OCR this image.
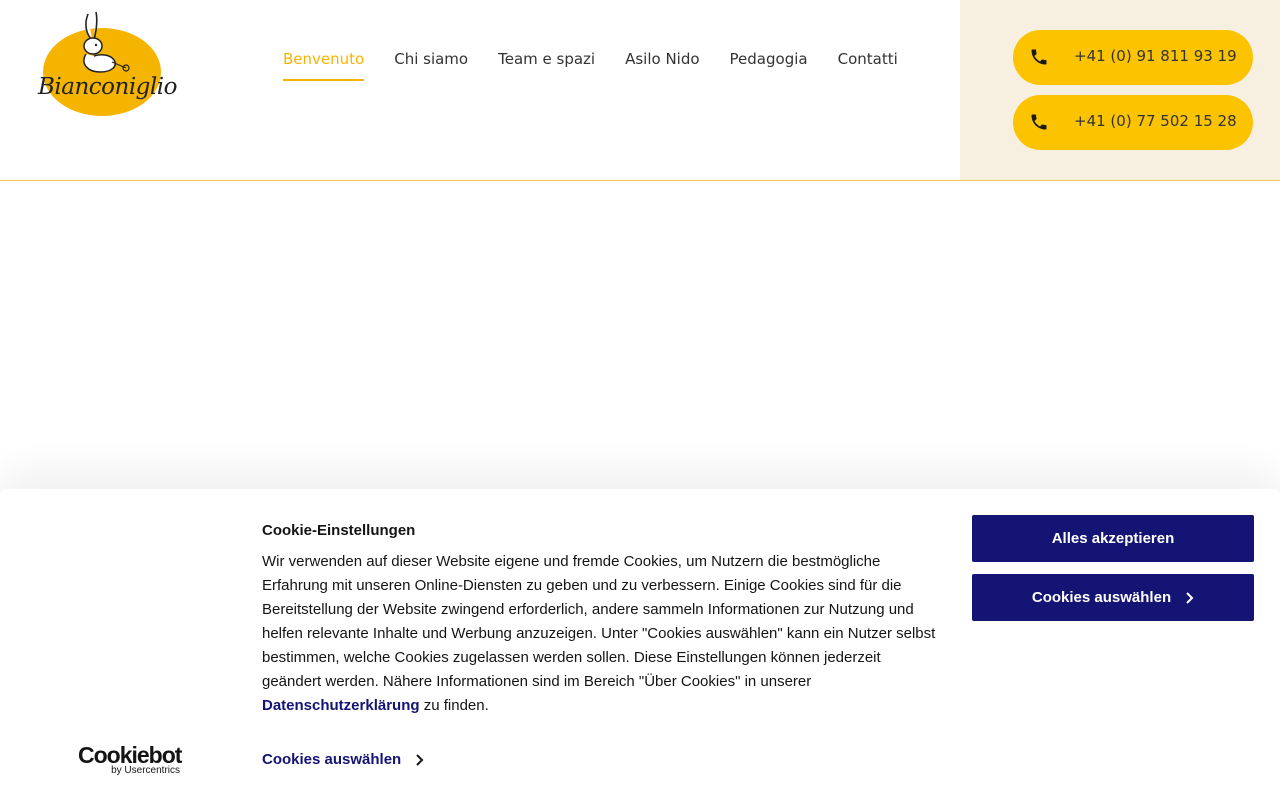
Bianconiglio
Benvenuto Chi siamo Team e spazi Asilo Nido Pedagogia Contatti	+41 (0) 91 811 93 19
+41 (0) 77 502 15 28
Cookie-Einstellungen

Wir verwenden auf dieser Website eigene und fremde Cookies, um Nutzern die bestmögliche Erfahrung mit unseren Online-Diensten zu geben und zu verbessern. Einige Cookies sind für die Bereitstellung der Website zwingend erforderlich, andere sammeln Informationen zur Nutzung und helfen relevante Inhalte und Werbung anzuzeigen. Unter "Cookies auswählen" kann ein Nutzer selbst bestimmen, welche Cookies zugelassen werden sollen. Diese Einstellungen können jederzeit geändert werden. Nähere Informationen sind im Bereich "Über Cookies" in unserer Datenschutzerklärung zu finden.

Cookies auswählen
Cookiebot
by Usercentrics
Alles akzeptieren
Cookies auswählen
